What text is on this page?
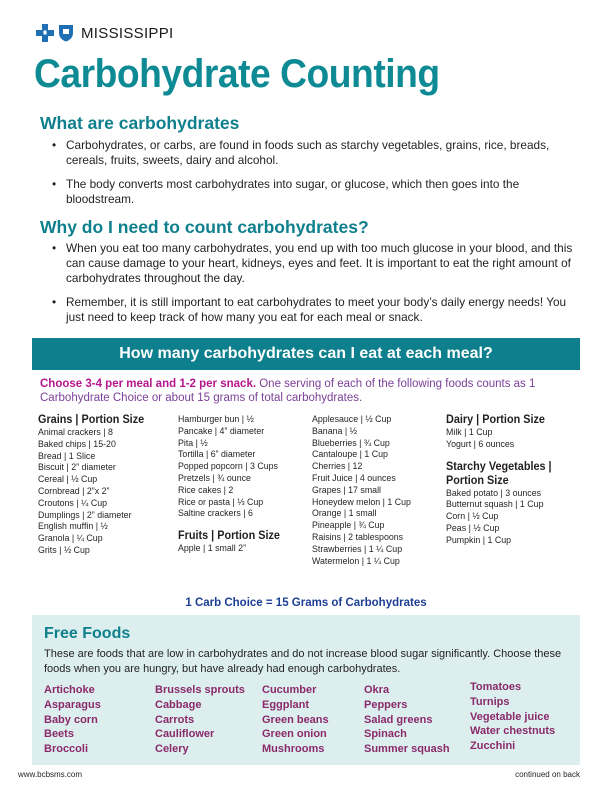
MISSISSIPPI
Carbohydrate Counting
What are carbohydrates
• Carbohydrates, or carbs, are found in foods such as starchy vegetables, grains, rice, breads, cereals, fruits, sweets, dairy and alcohol.
• The body converts most carbohydrates into sugar, or glucose, which then goes into the bloodstream.
Why do I need to count carbohydrates?
• When you eat too many carbohydrates, you end up with too much glucose in your blood, and this can cause damage to your heart, kidneys, eyes and feet. It is important to eat the right amount of carbohydrates throughout the day.
• Remember, it is still important to eat carbohydrates to meet your body’s daily energy needs! You just need to keep track of how many you eat for each meal or snack.
How many carbohydrates can I eat at each meal?
Choose 3-4 per meal and 1-2 per snack. One serving of each of the following foods counts as 1 Carbohydrate Choice or about 15 grams of total carbohydrates.
Grains | Portion Size
Animal crackers | 8
Baked chips | 15-20
Bread | 1 Slice
Biscuit | 2” diameter
Cereal | ½ Cup
Cornbread | 2”x 2”
Croutons | ¼ Cup
Dumplings | 2” diameter
English muffin | ½
Granola | ¼ Cup
Grits | ½ Cup
Hamburger bun | ½
Pancake | 4” diameter
Pita | ½
Tortilla | 6” diameter
Popped popcorn | 3 Cups
Pretzels | ¾ ounce
Rice cakes | 2
Rice or pasta | ⅓ Cup
Saltine crackers | 6
Fruits | Portion Size
Apple | 1 small 2”
Applesauce | ½ Cup
Banana | ½
Blueberries | ¾ Cup
Cantaloupe | 1 Cup
Cherries | 12
Fruit Juice | 4 ounces
Grapes | 17 small
Honeydew melon | 1 Cup
Orange | 1 small
Pineapple | ¾ Cup
Raisins | 2 tablespoons
Strawberries | 1 ¼ Cup
Watermelon | 1 ¼ Cup
Dairy | Portion Size
Milk | 1 Cup
Yogurt | 6 ounces
Starchy Vegetables | Portion Size
Baked potato | 3 ounces
Butternut squash | 1 Cup
Corn | ½ Cup
Peas | ½ Cup
Pumpkin | 1 Cup
1 Carb Choice = 15 Grams of Carbohydrates
Free Foods
These are foods that are low in carbohydrates and do not increase blood sugar significantly. Choose these foods when you are hungry, but have already had enough carbohydrates.
Artichoke
Asparagus
Baby corn
Beets
Broccoli
Brussels sprouts
Cabbage
Carrots
Cauliflower
Celery
Cucumber
Eggplant
Green beans
Green onion
Mushrooms
Okra
Peppers
Salad greens
Spinach
Summer squash
Tomatoes
Turnips
Vegetable juice
Water chestnuts
Zucchini
www.bcbsms.com	continued on back
